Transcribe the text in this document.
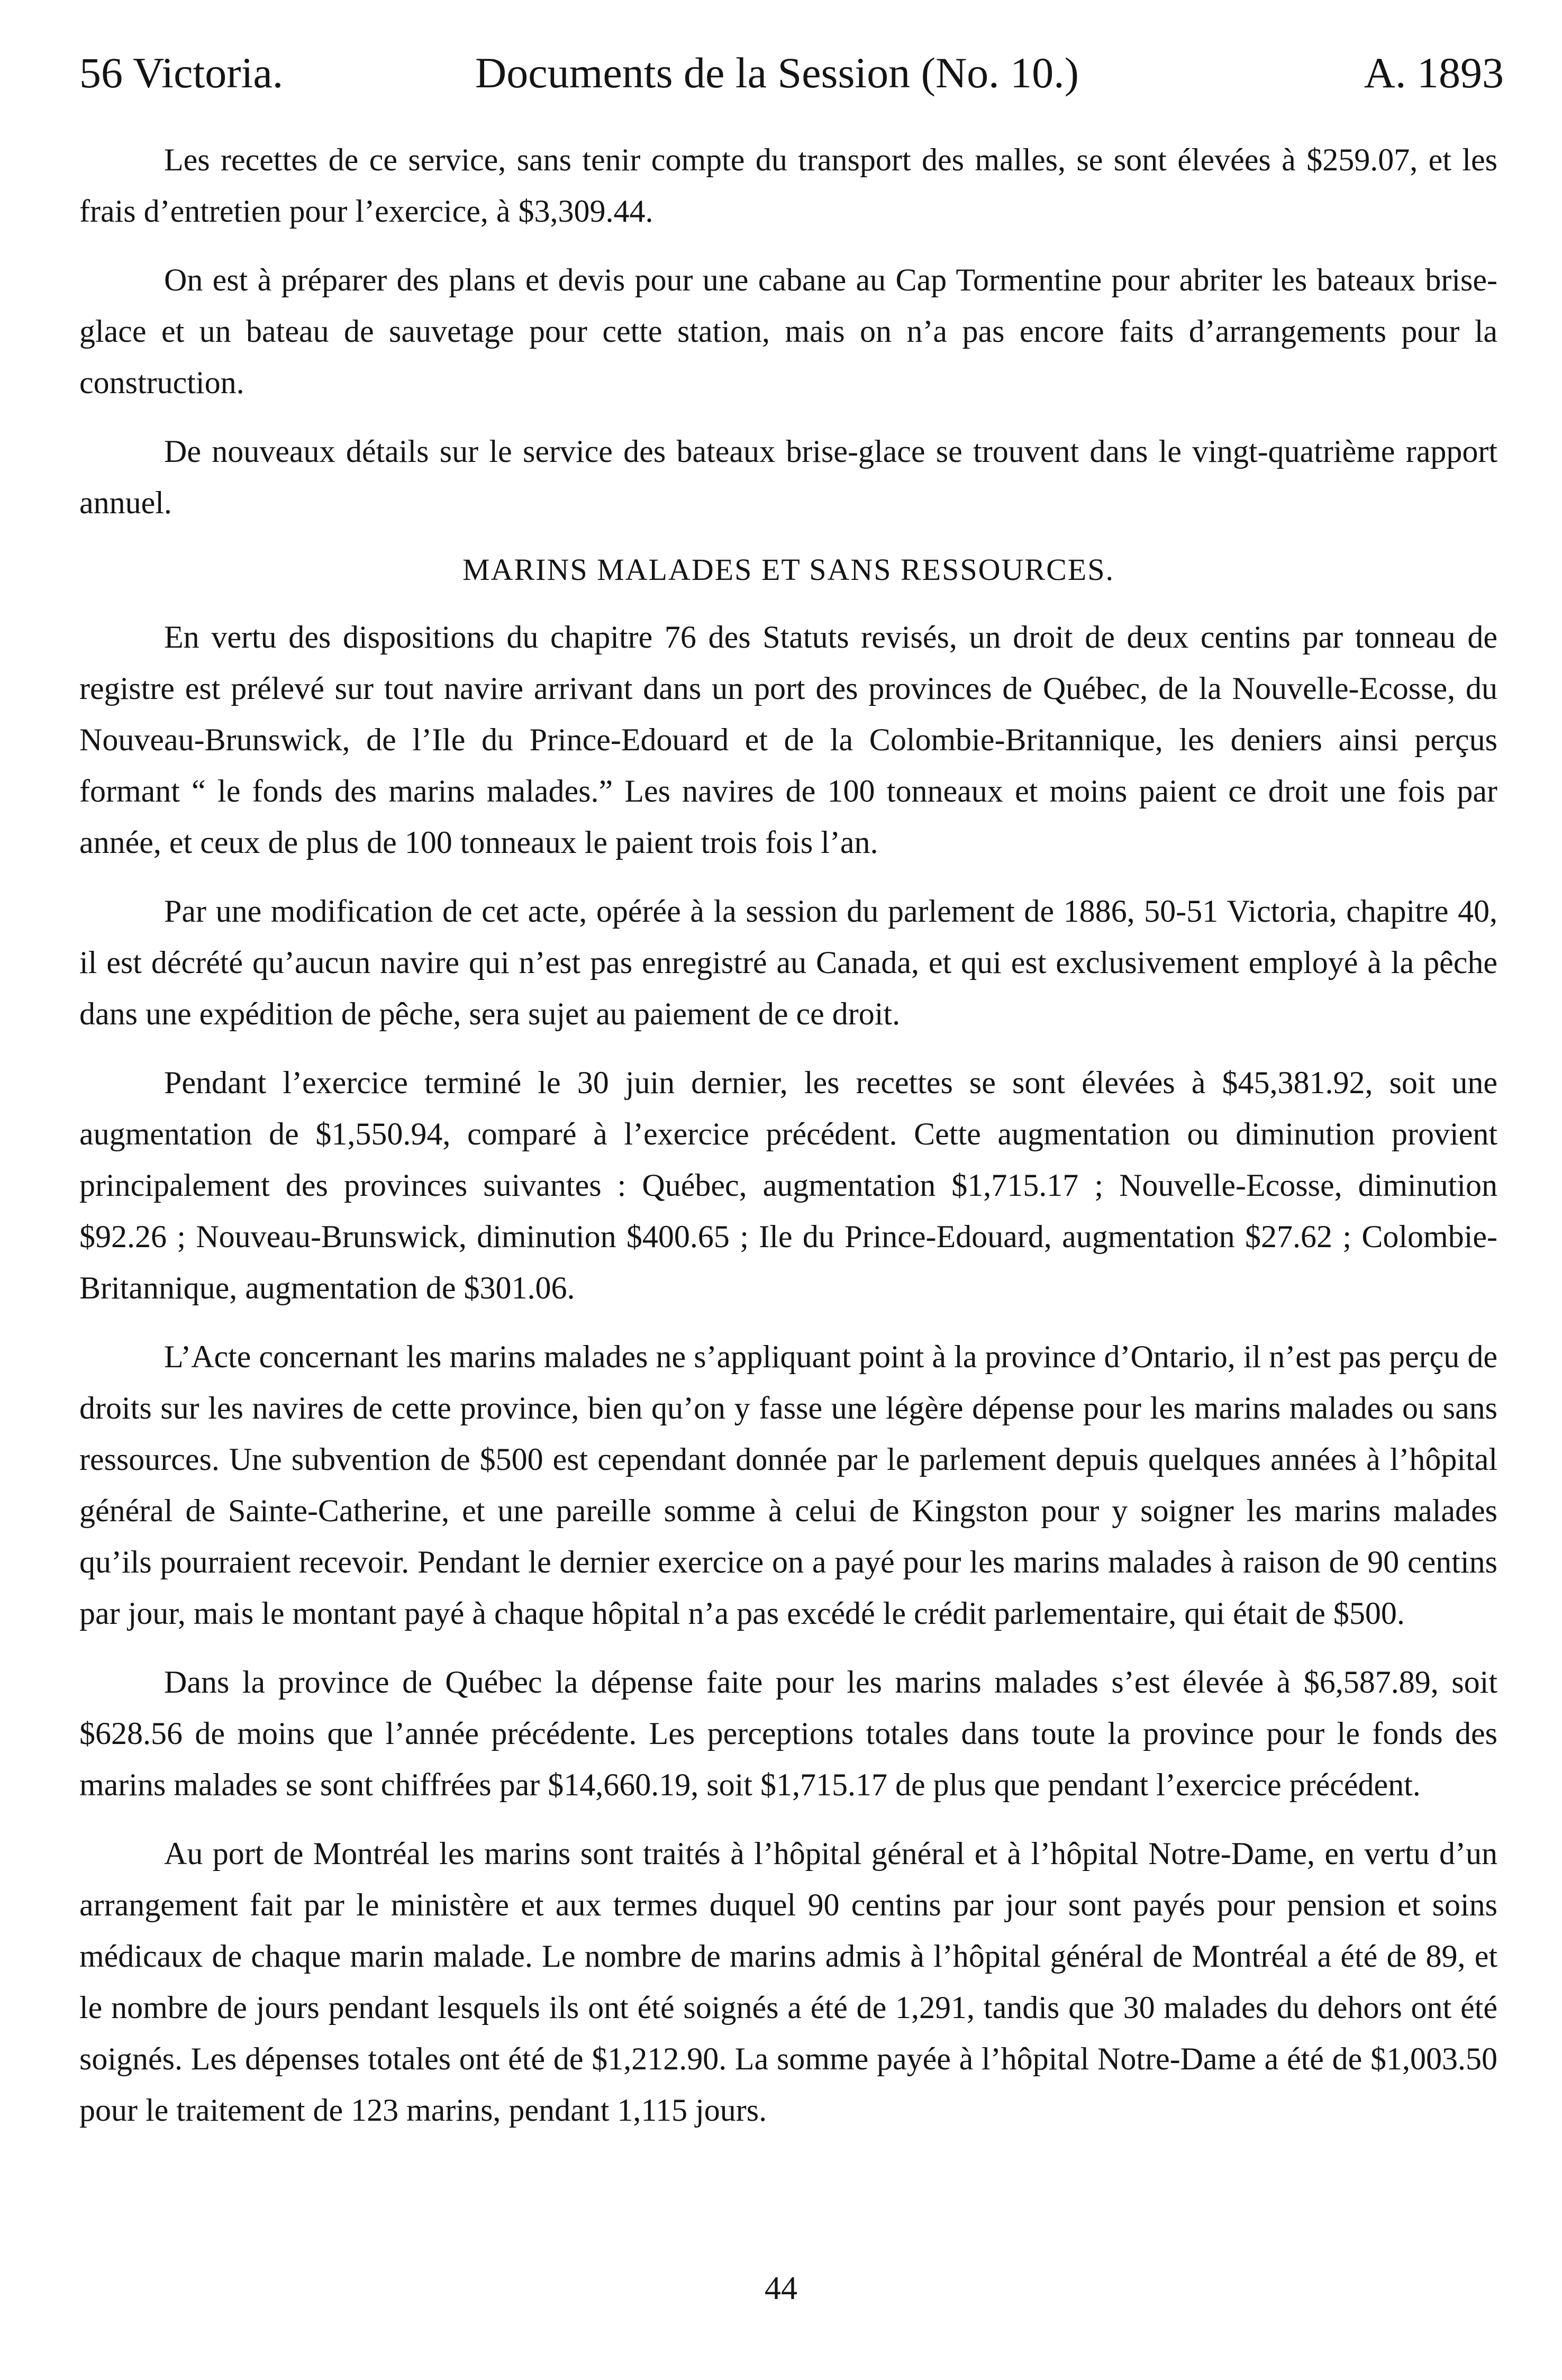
56 Victoria.	Documents de la Session (No. 10.)	A. 1893

Les recettes de ce service, sans tenir compte du transport des malles, se sont élevées à $259.07, et les frais d’entretien pour l’exercice, à $3,309.44.

On est à préparer des plans et devis pour une cabane au Cap Tormentine pour abriter les bateaux brise-glace et un bateau de sauvetage pour cette station, mais on n’a pas encore faits d’arrangements pour la construction.

De nouveaux détails sur le service des bateaux brise-glace se trouvent dans le vingt-quatrième rapport annuel.

MARINS MALADES ET SANS RESSOURCES.

En vertu des dispositions du chapitre 76 des Statuts revisés, un droit de deux centins par tonneau de registre est prélevé sur tout navire arrivant dans un port des provinces de Québec, de la Nouvelle-Ecosse, du Nouveau-Brunswick, de l’Ile du Prince-Edouard et de la Colombie-Britannique, les deniers ainsi perçus formant “ le fonds des marins malades.” Les navires de 100 tonneaux et moins paient ce droit une fois par année, et ceux de plus de 100 tonneaux le paient trois fois l’an.

Par une modification de cet acte, opérée à la session du parlement de 1886, 50-51 Victoria, chapitre 40, il est décrété qu’aucun navire qui n’est pas enregistré au Canada, et qui est exclusivement employé à la pêche dans une expédition de pêche, sera sujet au paiement de ce droit.

Pendant l’exercice terminé le 30 juin dernier, les recettes se sont élevées à $45,381.92, soit une augmentation de $1,550.94, comparé à l’exercice précédent. Cette augmentation ou diminution provient principalement des provinces suivantes : Québec, augmentation $1,715.17 ; Nouvelle-Ecosse, diminution $92.26 ; Nouveau-Brunswick, diminution $400.65 ; Ile du Prince-Edouard, augmentation $27.62 ; Colombie-Britannique, augmentation de $301.06.

L’Acte concernant les marins malades ne s’appliquant point à la province d’Ontario, il n’est pas perçu de droits sur les navires de cette province, bien qu’on y fasse une légère dépense pour les marins malades ou sans ressources. Une subvention de $500 est cependant donnée par le parlement depuis quelques années à l’hôpital général de Sainte-Catherine, et une pareille somme à celui de Kingston pour y soigner les marins malades qu’ils pourraient recevoir. Pendant le dernier exercice on a payé pour les marins malades à raison de 90 centins par jour, mais le montant payé à chaque hôpital n’a pas excédé le crédit parlementaire, qui était de $500.

Dans la province de Québec la dépense faite pour les marins malades s’est élevée à $6,587.89, soit $628.56 de moins que l’année précédente. Les perceptions totales dans toute la province pour le fonds des marins malades se sont chiffrées par $14,660.19, soit $1,715.17 de plus que pendant l’exercice précédent.

Au port de Montréal les marins sont traités à l’hôpital général et à l’hôpital Notre-Dame, en vertu d’un arrangement fait par le ministère et aux termes duquel 90 centins par jour sont payés pour pension et soins médicaux de chaque marin malade. Le nombre de marins admis à l’hôpital général de Montréal a été de 89, et le nombre de jours pendant lesquels ils ont été soignés a été de 1,291, tandis que 30 malades du dehors ont été soignés. Les dépenses totales ont été de $1,212.90. La somme payée à l’hôpital Notre-Dame a été de $1,003.50 pour le traitement de 123 marins, pendant 1,115 jours.

44
